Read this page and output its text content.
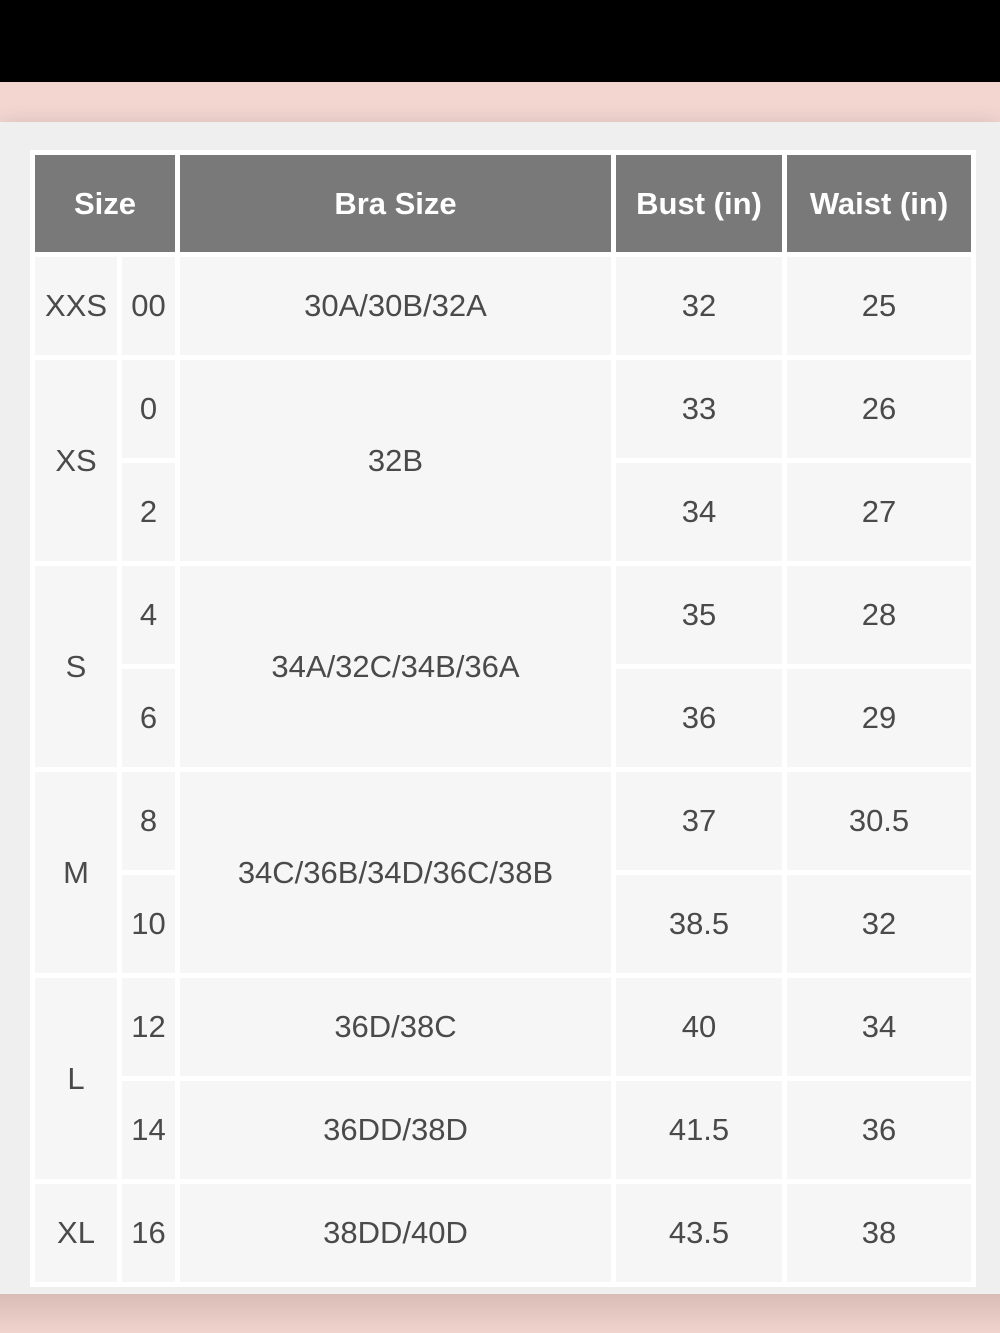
Size		Bra Size	Bust (in)	Waist (in)
XXS	00	30A/30B/32A	32	25
XS	0	32B	33	26
	2		34	27
S	4	34A/32C/34B/36A	35	28
	6		36	29
M	8	34C/36B/34D/36C/38B	37	30.5
	10		38.5	32
L	12	36D/38C	40	34
	14	36DD/38D	41.5	36
XL	16	38DD/40D	43.5	38
